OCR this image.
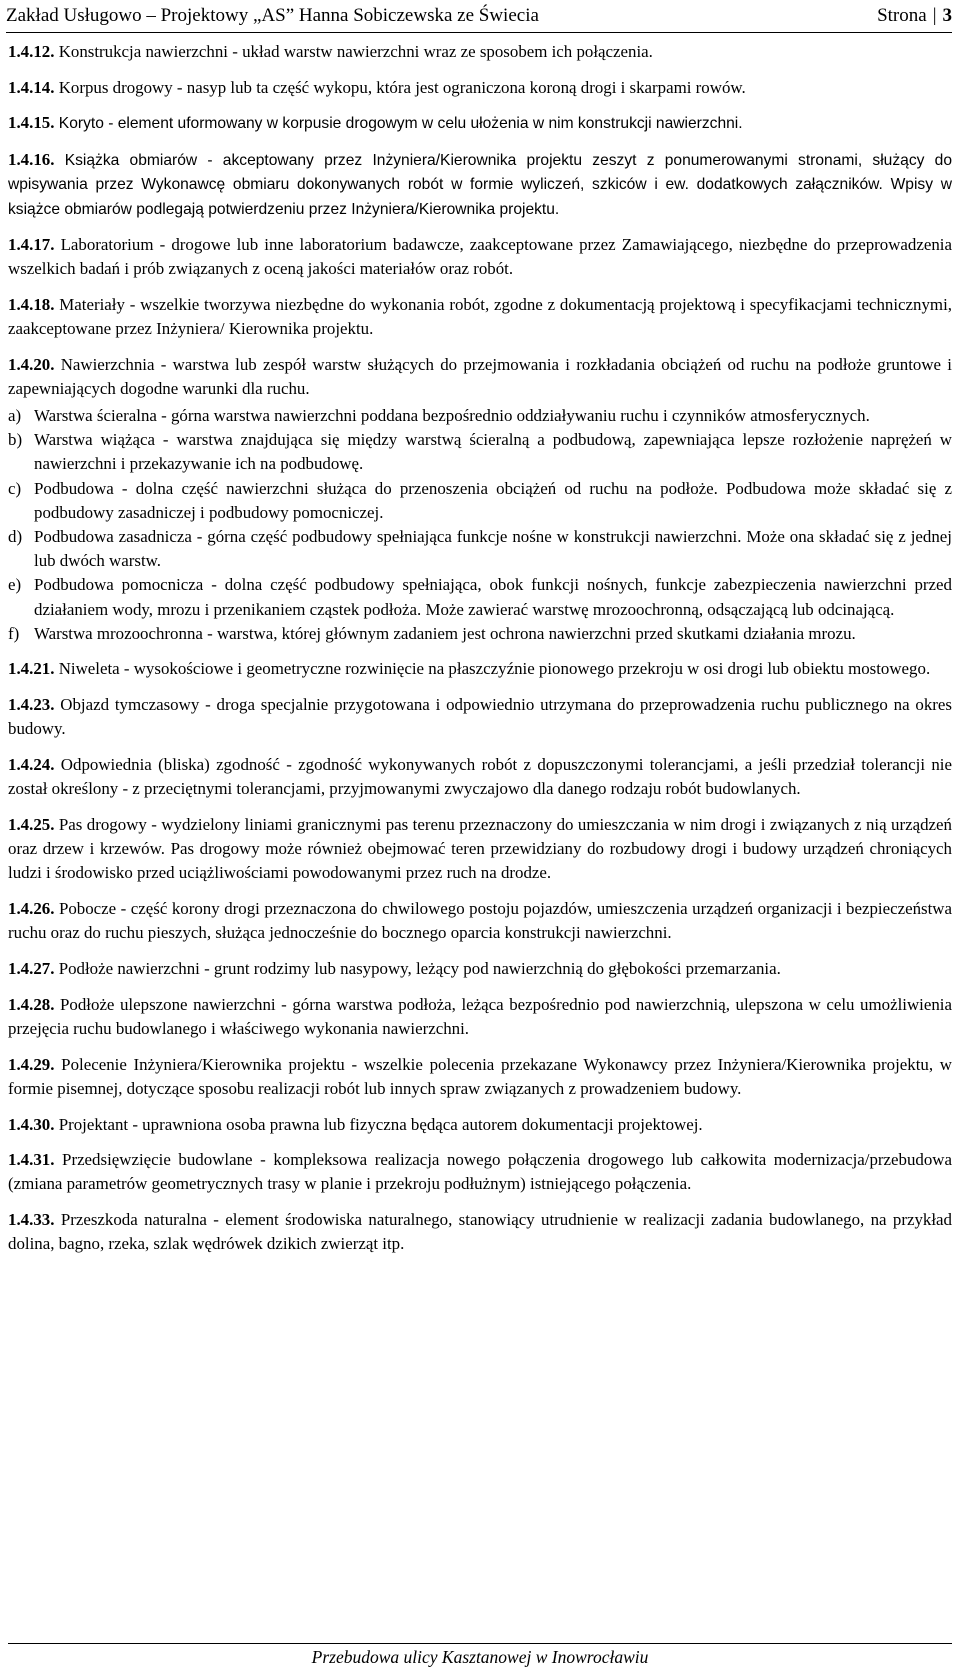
Zakład Usługowo – Projektowy „AS” Hanna Sobiczewska ze Świecia	Strona | 3

1.4.12. Konstrukcja nawierzchni - układ warstw nawierzchni wraz ze sposobem ich połączenia.

1.4.14. Korpus drogowy - nasyp lub ta część wykopu, która jest ograniczona koroną drogi i skarpami rowów.

1.4.15. Koryto - element uformowany w korpusie drogowym w celu ułożenia w nim konstrukcji nawierzchni.

1.4.16. Książka obmiarów - akceptowany przez Inżyniera/Kierownika projektu zeszyt z ponumerowanymi stronami, służący do wpisywania przez Wykonawcę obmiaru dokonywanych robót w formie wyliczeń, szkiców i ew. dodatkowych załączników. Wpisy w książce obmiarów podlegają potwierdzeniu przez Inżyniera/Kierownika projektu.

1.4.17. Laboratorium - drogowe lub inne laboratorium badawcze, zaakceptowane przez Zamawiającego, niezbędne do przeprowadzenia wszelkich badań i prób związanych z oceną jakości materiałów oraz robót.

1.4.18. Materiały - wszelkie tworzywa niezbędne do wykonania robót, zgodne z dokumentacją projektową i specyfikacjami technicznymi, zaakceptowane przez Inżyniera/ Kierownika projektu.

1.4.20. Nawierzchnia - warstwa lub zespół warstw służących do przejmowania i rozkładania obciążeń od ruchu na podłoże gruntowe i zapewniających dogodne warunki dla ruchu.

a) Warstwa ścieralna - górna warstwa nawierzchni poddana bezpośrednio oddziaływaniu ruchu i czynników atmosferycznych.
b) Warstwa wiążąca - warstwa znajdująca się między warstwą ścieralną a podbudową, zapewniająca lepsze rozłożenie naprężeń w nawierzchni i przekazywanie ich na podbudowę.
c) Podbudowa - dolna część nawierzchni służąca do przenoszenia obciążeń od ruchu na podłoże. Podbudowa może składać się z podbudowy zasadniczej i podbudowy pomocniczej.
d) Podbudowa zasadnicza - górna część podbudowy spełniająca funkcje nośne w konstrukcji nawierzchni. Może ona składać się z jednej lub dwóch warstw.
e) Podbudowa pomocnicza - dolna część podbudowy spełniająca, obok funkcji nośnych, funkcje zabezpieczenia nawierzchni przed działaniem wody, mrozu i przenikaniem cząstek podłoża. Może zawierać warstwę mrozoochronną, odsączającą lub odcinającą.
f) Warstwa mrozoochronna - warstwa, której głównym zadaniem jest ochrona nawierzchni przed skutkami działania mrozu.

1.4.21. Niweleta - wysokościowe i geometryczne rozwinięcie na płaszczyźnie pionowego przekroju w osi drogi lub obiektu mostowego.

1.4.23. Objazd tymczasowy - droga specjalnie przygotowana i odpowiednio utrzymana do przeprowadzenia ruchu publicznego na okres budowy.

1.4.24. Odpowiednia (bliska) zgodność - zgodność wykonywanych robót z dopuszczonymi tolerancjami, a jeśli przedział tolerancji nie został określony - z przeciętnymi tolerancjami, przyjmowanymi zwyczajowo dla danego rodzaju robót budowlanych.

1.4.25. Pas drogowy - wydzielony liniami granicznymi pas terenu przeznaczony do umieszczania w nim drogi i związanych z nią urządzeń oraz drzew i krzewów. Pas drogowy może również obejmować teren przewidziany do rozbudowy drogi i budowy urządzeń chroniących ludzi i środowisko przed uciążliwościami powodowanymi przez ruch na drodze.

1.4.26. Pobocze - część korony drogi przeznaczona do chwilowego postoju pojazdów, umieszczenia urządzeń organizacji i bezpieczeństwa ruchu oraz do ruchu pieszych, służąca jednocześnie do bocznego oparcia konstrukcji nawierzchni.

1.4.27. Podłoże nawierzchni - grunt rodzimy lub nasypowy, leżący pod nawierzchnią do głębokości przemarzania.

1.4.28. Podłoże ulepszone nawierzchni - górna warstwa podłoża, leżąca bezpośrednio pod nawierzchnią, ulepszona w celu umożliwienia przejęcia ruchu budowlanego i właściwego wykonania nawierzchni.

1.4.29. Polecenie Inżyniera/Kierownika projektu - wszelkie polecenia przekazane Wykonawcy przez Inżyniera/Kierownika projektu, w formie pisemnej, dotyczące sposobu realizacji robót lub innych spraw związanych z prowadzeniem budowy.

1.4.30. Projektant - uprawniona osoba prawna lub fizyczna będąca autorem dokumentacji projektowej.

1.4.31. Przedsięwzięcie budowlane - kompleksowa realizacja nowego połączenia drogowego lub całkowita modernizacja/przebudowa (zmiana parametrów geometrycznych trasy w planie i przekroju podłużnym) istniejącego połączenia.

1.4.33. Przeszkoda naturalna - element środowiska naturalnego, stanowiący utrudnienie w realizacji zadania budowlanego, na przykład dolina, bagno, rzeka, szlak wędrówek dzikich zwierząt itp.

Przebudowa ulicy Kasztanowej w Inowrocławiu
